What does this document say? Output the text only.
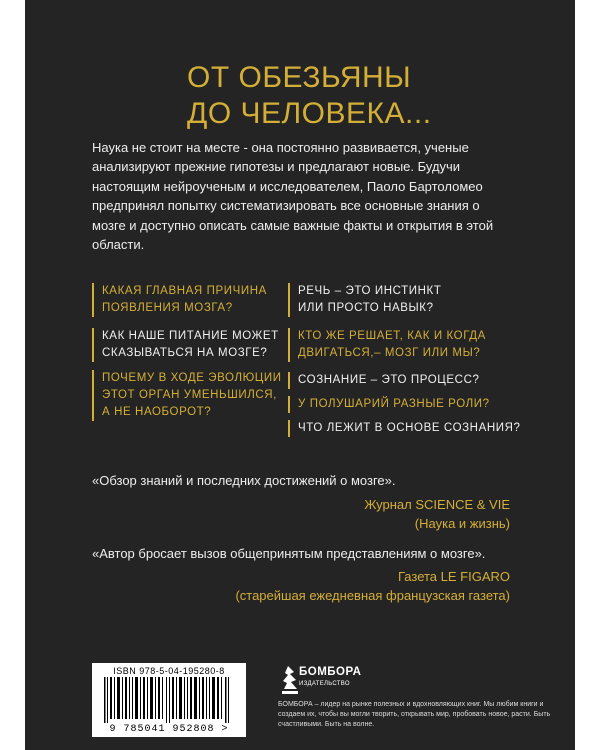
ОТ ОБЕЗЬЯНЫ
ДО ЧЕЛОВЕКА...
Наука не стоит на месте - она постоянно развивается, ученые анализируют прежние гипотезы и предлагают новые. Будучи настоящим нейроученым и исследователем, Паоло Бартоломео предпринял попытку систематизировать все основные знания о мозге и доступно описать самые важные факты и открытия в этой области.
КАКАЯ ГЛАВНАЯ ПРИЧИНА
ПОЯВЛЕНИЯ МОЗГА?
КАК НАШЕ ПИТАНИЕ МОЖЕТ
СКАЗЫВАТЬСЯ НА МОЗГЕ?
ПОЧЕМУ В ХОДЕ ЭВОЛЮЦИИ
ЭТОТ ОРГАН УМЕНЬШИЛСЯ,
А НЕ НАОБОРОТ?
РЕЧЬ – ЭТО ИНСТИНКТ
ИЛИ ПРОСТО НАВЫК?
КТО ЖЕ РЕШАЕТ, КАК И КОГДА
ДВИГАТЬСЯ,– МОЗГ ИЛИ МЫ?
СОЗНАНИЕ – ЭТО ПРОЦЕСС?
У ПОЛУШАРИЙ РАЗНЫЕ РОЛИ?
ЧТО ЛЕЖИТ В ОСНОВЕ СОЗНАНИЯ?
«Обзор знаний и последних достижений о мозге».
Журнал SCIENCE & VIE
(Наука и жизнь)
«Автор бросает вызов общепринятым представлениям о мозге».
Газета LE FIGARO
(старейшая ежедневная французская газета)
ISBN 978-5-04-195280-8
9 785041 952808 >
БОМБОРА
ИЗДАТЕЛЬСТВО
БОМБОРА – лидер на рынке полезных и вдохновляющих книг. Мы любим книги и создаем их, чтобы вы могли творить, открывать мир, пробовать новое, расти. Быть счастливыми. Быть на волне.
